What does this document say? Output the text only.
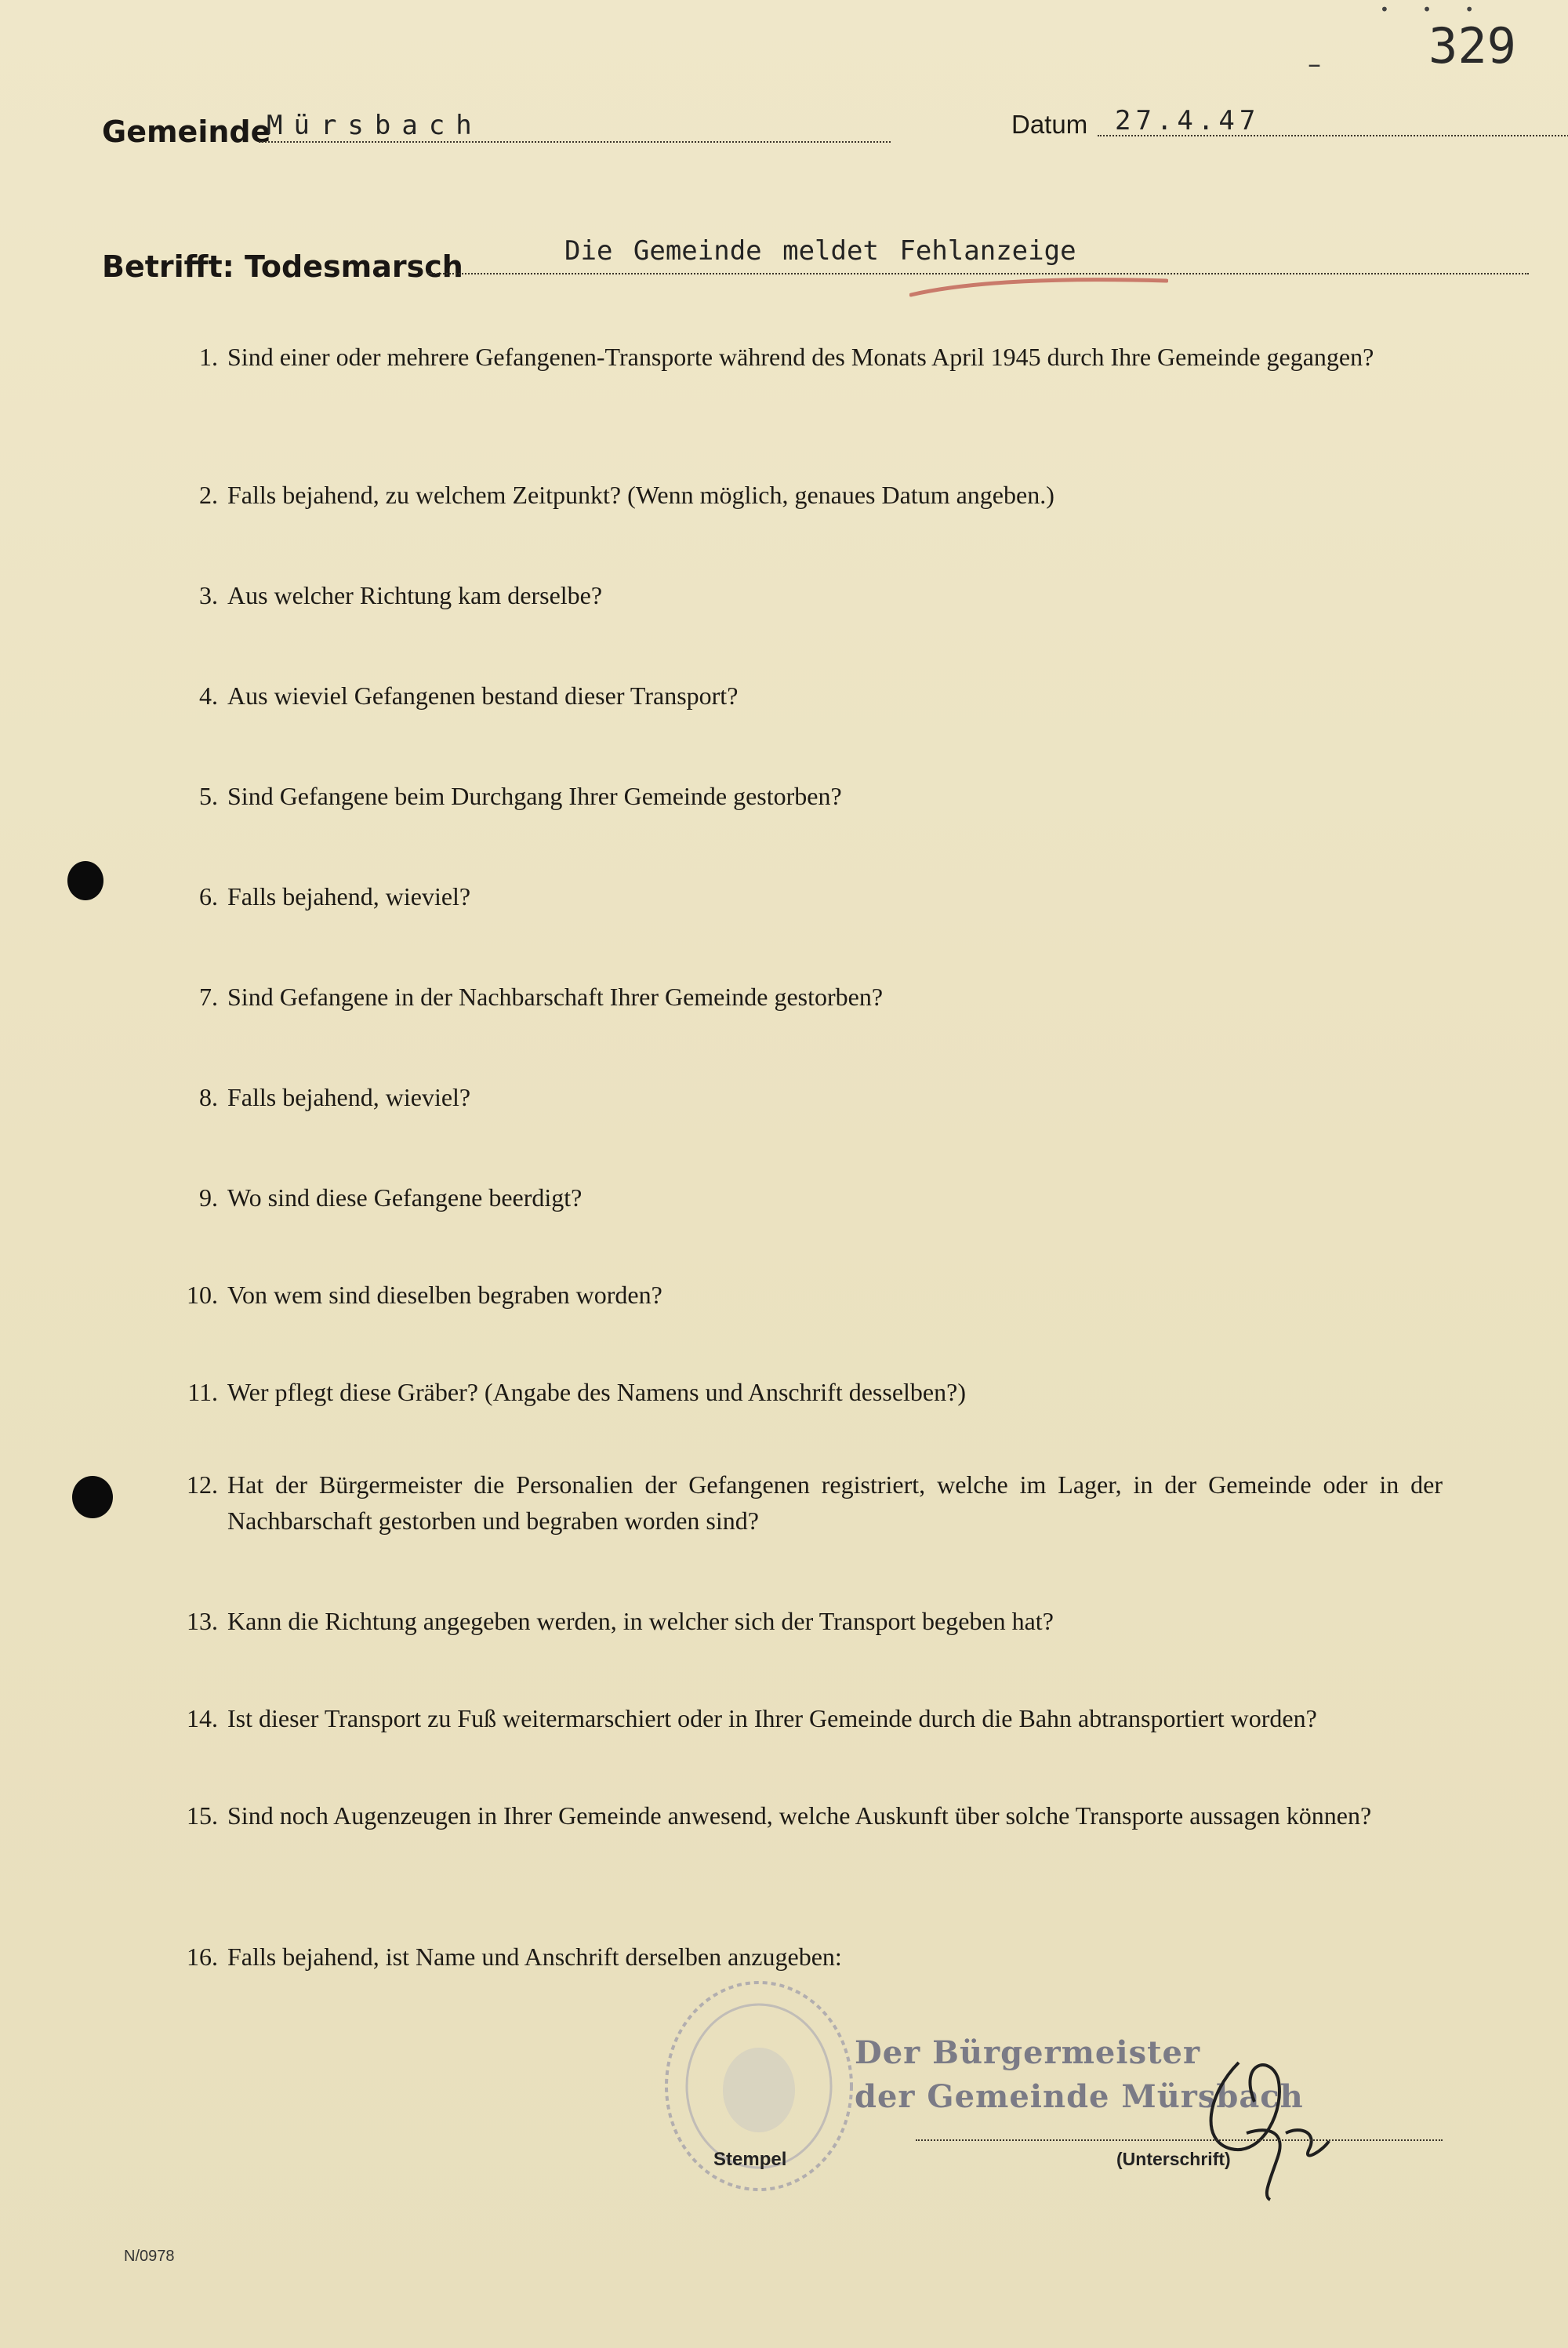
• • •
– 329
Gemeinde
Mürsbach	Datum 27.4.47
Betrifft: Todesmarsch	Die Gemeinde meldet Fehlanzeige
1. Sind einer oder mehrere Gefangenen-Transporte während des Monats April 1945 durch Ihre Gemeinde gegangen?
2. Falls bejahend, zu welchem Zeitpunkt? (Wenn möglich, genaues Datum angeben.)
3. Aus welcher Richtung kam derselbe?
4. Aus wieviel Gefangenen bestand dieser Transport?
5. Sind Gefangene beim Durchgang Ihrer Gemeinde gestorben?
6. Falls bejahend, wieviel?
7. Sind Gefangene in der Nachbarschaft Ihrer Gemeinde gestorben?
8. Falls bejahend, wieviel?
9. Wo sind diese Gefangene beerdigt?
10. Von wem sind dieselben begraben worden?
11. Wer pflegt diese Gräber? (Angabe des Namens und Anschrift desselben?)
12. Hat der Bürgermeister die Personalien der Gefangenen registriert, welche im Lager, in der Gemeinde oder in der Nachbarschaft gestorben und begraben worden sind?
13. Kann die Richtung angegeben werden, in welcher sich der Transport begeben hat?
14. Ist dieser Transport zu Fuß weitermarschiert oder in Ihrer Gemeinde durch die Bahn abtransportiert worden?
15. Sind noch Augenzeugen in Ihrer Gemeinde anwesend, welche Auskunft über solche Transporte aussagen können?
16. Falls bejahend, ist Name und Anschrift derselben anzugeben:
Stempel
Der Bürgermeister
der Gemeinde Mürsbach
(Unterschrift)
N/0978
